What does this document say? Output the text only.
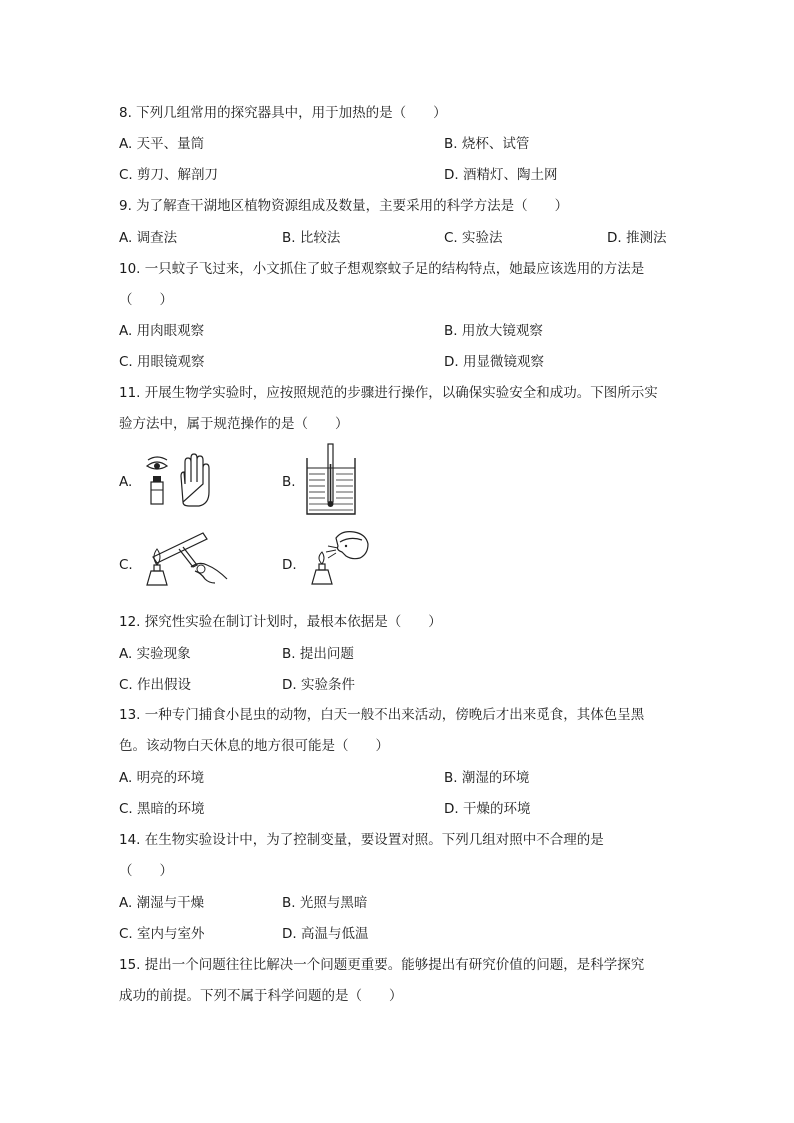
8. 下列几组常用的探究器具中，用于加热的是（　　）
A. 天平、量筒	B. 烧杯、试管
C. 剪刀、解剖刀	D. 酒精灯、陶土网
9. 为了解查干湖地区植物资源组成及数量，主要采用的科学方法是（　　）
A. 调查法	B. 比较法	C. 实验法	D. 推测法
10. 一只蚊子飞过来，小文抓住了蚊子想观察蚊子足的结构特点，她最应该选用的方法是
（　　）
A. 用肉眼观察	B. 用放大镜观察
C. 用眼镜观察	D. 用显微镜观察
11. 开展生物学实验时，应按照规范的步骤进行操作，以确保实验安全和成功。下图所示实
验方法中，属于规范操作的是（　　）
A.	B.
C.	D.
12. 探究性实验在制订计划时，最根本依据是（　　）
A. 实验现象	B. 提出问题
C. 作出假设	D. 实验条件
13. 一种专门捕食小昆虫的动物，白天一般不出来活动，傍晚后才出来觅食，其体色呈黑
色。该动物白天休息的地方很可能是（　　）
A. 明亮的环境	B. 潮湿的环境
C. 黑暗的环境	D. 干燥的环境
14. 在生物实验设计中，为了控制变量，要设置对照。下列几组对照中不合理的是
（　　）
A. 潮湿与干燥	B. 光照与黑暗
C. 室内与室外	D. 高温与低温
15. 提出一个问题往往比解决一个问题更重要。能够提出有研究价值的问题，是科学探究
成功的前提。下列不属于科学问题的是（　　）
